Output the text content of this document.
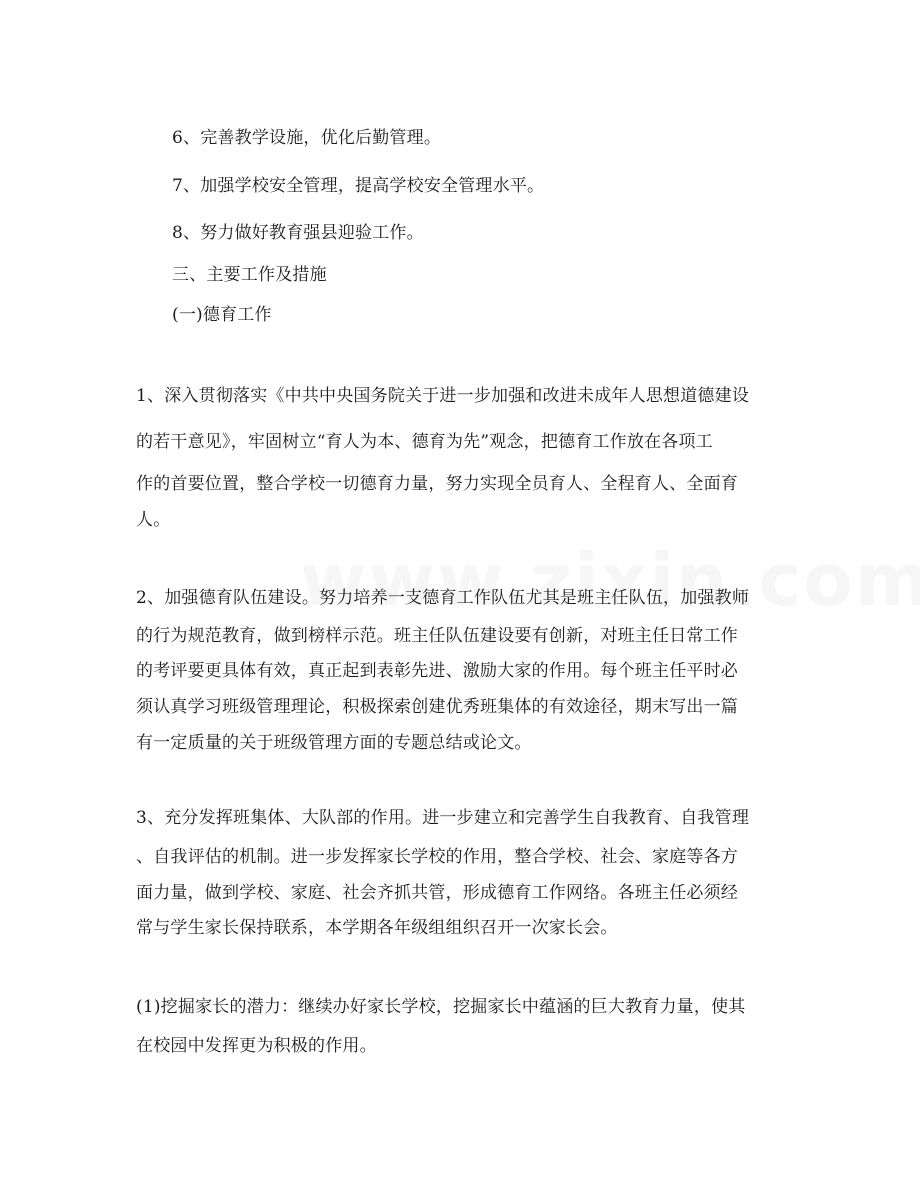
6、完善教学设施，优化后勤管理。
7、加强学校安全管理，提高学校安全管理水平。
8、努力做好教育强县迎验工作。
三、主要工作及措施
(一)德育工作
1、深入贯彻落实《中共中央国务院关于进一步加强和改进未成年人思想道德建设
的若干意见》，牢固树立“育人为本、德育为先”观念，把德育工作放在各项工
作的首要位置，整合学校一切德育力量，努力实现全员育人、全程育人、全面育
人。
2、加强德育队伍建设。努力培养一支德育工作队伍尤其是班主任队伍，加强教师
的行为规范教育，做到榜样示范。班主任队伍建设要有创新，对班主任日常工作
的考评要更具体有效，真正起到表彰先进、激励大家的作用。每个班主任平时必
须认真学习班级管理理论，积极探索创建优秀班集体的有效途径，期末写出一篇
有一定质量的关于班级管理方面的专题总结或论文。
3、充分发挥班集体、大队部的作用。进一步建立和完善学生自我教育、自我管理
、自我评估的机制。进一步发挥家长学校的作用，整合学校、社会、家庭等各方
面力量，做到学校、家庭、社会齐抓共管，形成德育工作网络。各班主任必须经
常与学生家长保持联系，本学期各年级组组织召开一次家长会。
(1)挖掘家长的潜力：继续办好家长学校，挖掘家长中蕴涵的巨大教育力量，使其
在校园中发挥更为积极的作用。
